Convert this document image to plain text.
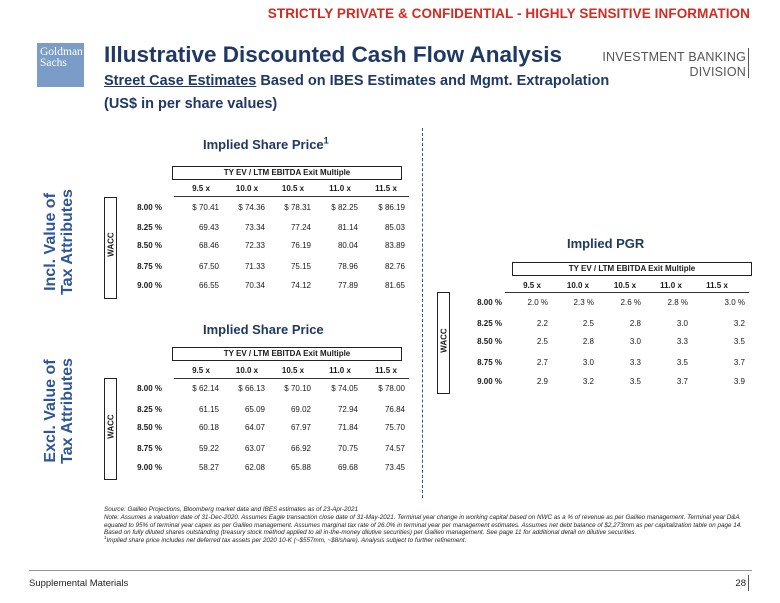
STRICTLY PRIVATE & CONFIDENTIAL - HIGHLY SENSITIVE INFORMATION
Goldman
Sachs	Illustrative Discounted Cash Flow Analysis
Street Case Estimates Based on IBES Estimates and Mgmt. Extrapolation
(US$ in per share values)
INVESTMENT BANKING
DIVISION
Incl. Value of Tax Attributes
Excl. Value of Tax Attributes
Implied Share Price$^1$
TY EV / LTM EBITDA Exit Multiple
9.5 x	10.0 x	10.5 x	11.0 x	11.5 x
WACC
8.00 %	$ 70.41	$ 74.36	$ 78.31	$ 82.25	$ 86.19
8.25 %	69.43	73.34	77.24	81.14	85.03
8.50 %	68.46	72.33	76.19	80.04	83.89
8.75 %	67.50	71.33	75.15	78.96	82.76
9.00 %	66.55	70.34	74.12	77.89	81.65
Implied Share Price
TY EV / LTM EBITDA Exit Multiple
9.5 x	10.0 x	10.5 x	11.0 x	11.5 x
WACC
8.00 %	$ 62.14	$ 66.13	$ 70.10	$ 74.05	$ 78.00
8.25 %	61.15	65.09	69.02	72.94	76.84
8.50 %	60.18	64.07	67.97	71.84	75.70
8.75 %	59.22	63.07	66.92	70.75	74.57
9.00 %	58.27	62.08	65.88	69.68	73.45
Implied PGR
TY EV / LTM EBITDA Exit Multiple
9.5 x	10.0 x	10.5 x	11.0 x	11.5 x
WACC
8.00 %	2.0 %	2.3 %	2.6 %	2.8 %	3.0 %
8.25 %	2.2	2.5	2.8	3.0	3.2
8.50 %	2.5	2.8	3.0	3.3	3.5
8.75 %	2.7	3.0	3.3	3.5	3.7
9.00 %	2.9	3.2	3.5	3.7	3.9
Source: Galileo Projections, Bloomberg market data and IBES estimates as of 23-Apr-2021
Note: Assumes a valuation date of 31-Dec-2020. Assumes Eagle transaction close date of 31-May-2021. Terminal year change in working capital based on NWC as a % of revenue as per Galileo management. Terminal year D&A equated to 95% of terminal year capex as per Galileo management. Assumes marginal tax rate of 26.0% in terminal year per management estimates. Assumes net debt balance of $2,273mm as per capitalization table on page 14. Based on fully diluted shares outstanding (treasury stock method applied to all in-the-money dilutive securities) per Galileo management. See page 11 for additional detail on dilutive securities.
$^1$Implied share price includes net deferred tax assets per 2020 10-K (~$557mm, ~$8/share). Analysis subject to further refinement.
Supplemental Materials	28
